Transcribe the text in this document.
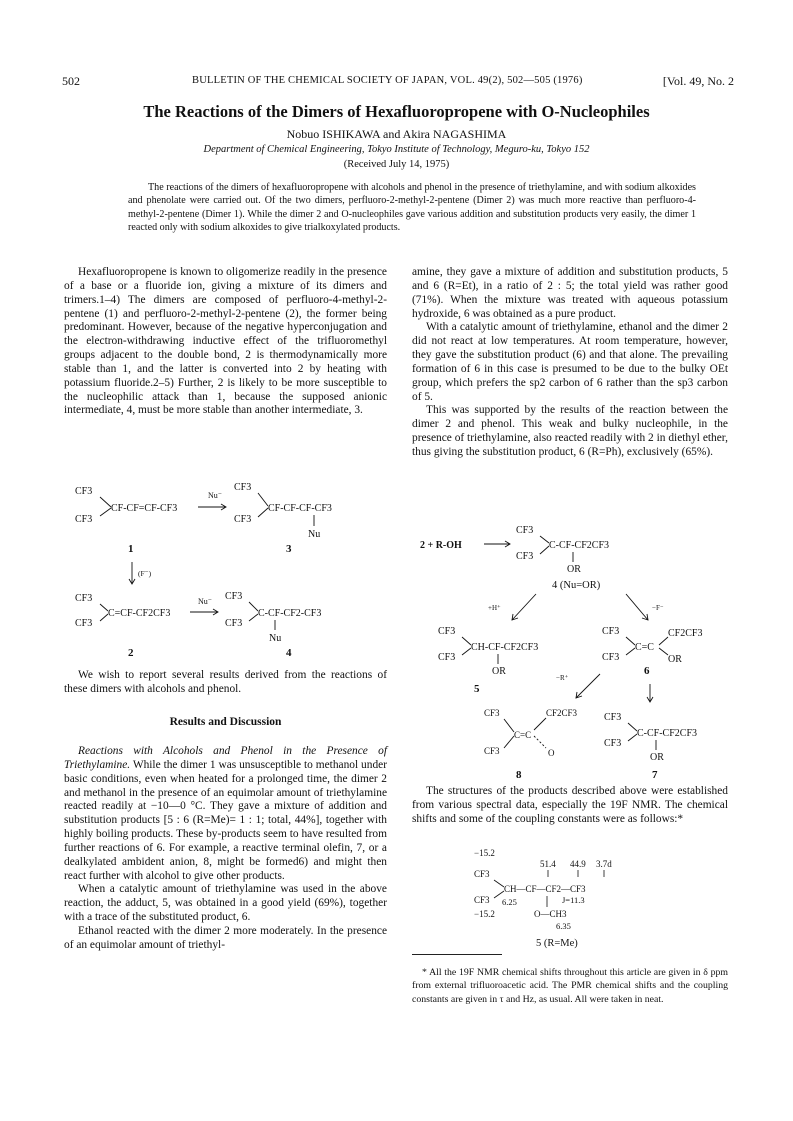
502	BULLETIN OF THE CHEMICAL SOCIETY OF JAPAN, VOL. 49(2), 502—505 (1976)	[Vol. 49, No. 2
The Reactions of the Dimers of Hexafluoropropene with O-Nucleophiles
Nobuo ISHIKAWA and Akira NAGASHIMA
Department of Chemical Engineering, Tokyo Institute of Technology, Meguro-ku, Tokyo 152
(Received July 14, 1975)
The reactions of the dimers of hexafluoropropene with alcohols and phenol in the presence of triethylamine, and with sodium alkoxides and phenolate were carried out. Of the two dimers, perfluoro-2-methyl-2-pentene (Dimer 2) was much more reactive than perfluoro-4-methyl-2-pentene (Dimer 1). While the dimer 2 and O-nucleophiles gave various addition and substitution products very easily, the dimer 1 reacted only with sodium alkoxides to give trialkoxylated products.

Hexafluoropropene is known to oligomerize readily in the presence of a base or a fluoride ion, giving a mixture of its dimers and trimers.1–4) The dimers are composed of perfluoro-4-methyl-2-pentene (1) and perfluoro-2-methyl-2-pentene (2), the former being predominant. However, because of the negative hyperconjugation and the electron-withdrawing inductive effect of the trifluoromethyl groups adjacent to the double bond, 2 is thermodynamically more stable than 1, and the latter is converted into 2 by heating with potassium fluoride.2–5) Further, 2 is likely to be more susceptible to the nucleophilic attack than 1, because the supposed anionic intermediate, 4, must be more stable than another intermediate, 3.

CF3
CF3
CF-CF=CF-CF3
Nu⁻
CF3
CF3
CF-CF-CF-CF3
Nu
1	3
(F⁻)
CF3
CF3
C=CF-CF2CF3
Nu⁻ CF3
CF3
C-CF-CF2-CF3
Nu
2	4

We wish to report several results derived from the reactions of these dimers with alcohols and phenol.

Results and Discussion

Reactions with Alcohols and Phenol in the Presence of Triethylamine. While the dimer 1 was unsusceptible to methanol under basic conditions, even when heated for a prolonged time, the dimer 2 and methanol in the presence of an equimolar amount of triethylamine reacted readily at −10—0 °C. They gave a mixture of addition and substitution products [5 : 6 (R=Me)= 1 : 1; total, 44%], together with highly boiling products. These by-products seem to have resulted from further reactions of 6. For example, a reactive terminal olefin, 7, or a dealkylated ambident anion, 8, might be formed6) and might then react further with alcohol to give other products.

When a catalytic amount of triethylamine was used in the above reaction, the adduct, 5, was obtained in a good yield (69%), together with a trace of the substituted product, 6.

Ethanol reacted with the dimer 2 more moderately. In the presence of an equimolar amount of triethyl-

amine, they gave a mixture of addition and substitution products, 5 and 6 (R=Et), in a ratio of 2 : 5; the total yield was rather good (71%). When the mixture was treated with aqueous potassium hydroxide, 6 was obtained as a pure product.

With a catalytic amount of triethylamine, ethanol and the dimer 2 did not react at low temperatures. At room temperature, however, they gave the substitution product (6) and that alone. The prevailing formation of 6 in this case is presumed to be due to the bulky OEt group, which prefers the sp2 carbon of 6 rather than the sp3 carbon of 5.

This was supported by the results of the reaction between the dimer 2 and phenol. This weak and bulky nucleophile, in the presence of triethylamine, also reacted readily with 2 in diethyl ether, thus giving the substitution product, 6 (R=Ph), exclusively (65%).

2 + R-OH
CF3
CF3
C-CF-CF2CF3
OR
4 (Nu=OR)
+H⁺	−F⁻
CF3
CF3
CH-CF-CF2CF3
OR
5
CF3
CF3
C=C
CF2CF3
OR
6
−R⁺
CF3
CF3
C=C
CF2CF3
O
8
CF3
CF3
C-CF-CF2CF3
OR
7

The structures of the products described above were established from various spectral data, especially the 19F NMR. The chemical shifts and some of the coupling constants were as follows:*

−15.2
51.4 44.9 3.7d
CF3
CF3
CH—CF—CF2—CF3
6.25	J=11.3
O—CH3
6.35
−15.2
5 (R=Me)
* All the 19F NMR chemical shifts throughout this article are given in δ ppm from external trifluoroacetic acid. The PMR chemical shifts and the coupling constants are given in τ and Hz, as usual. All were taken in neat.
